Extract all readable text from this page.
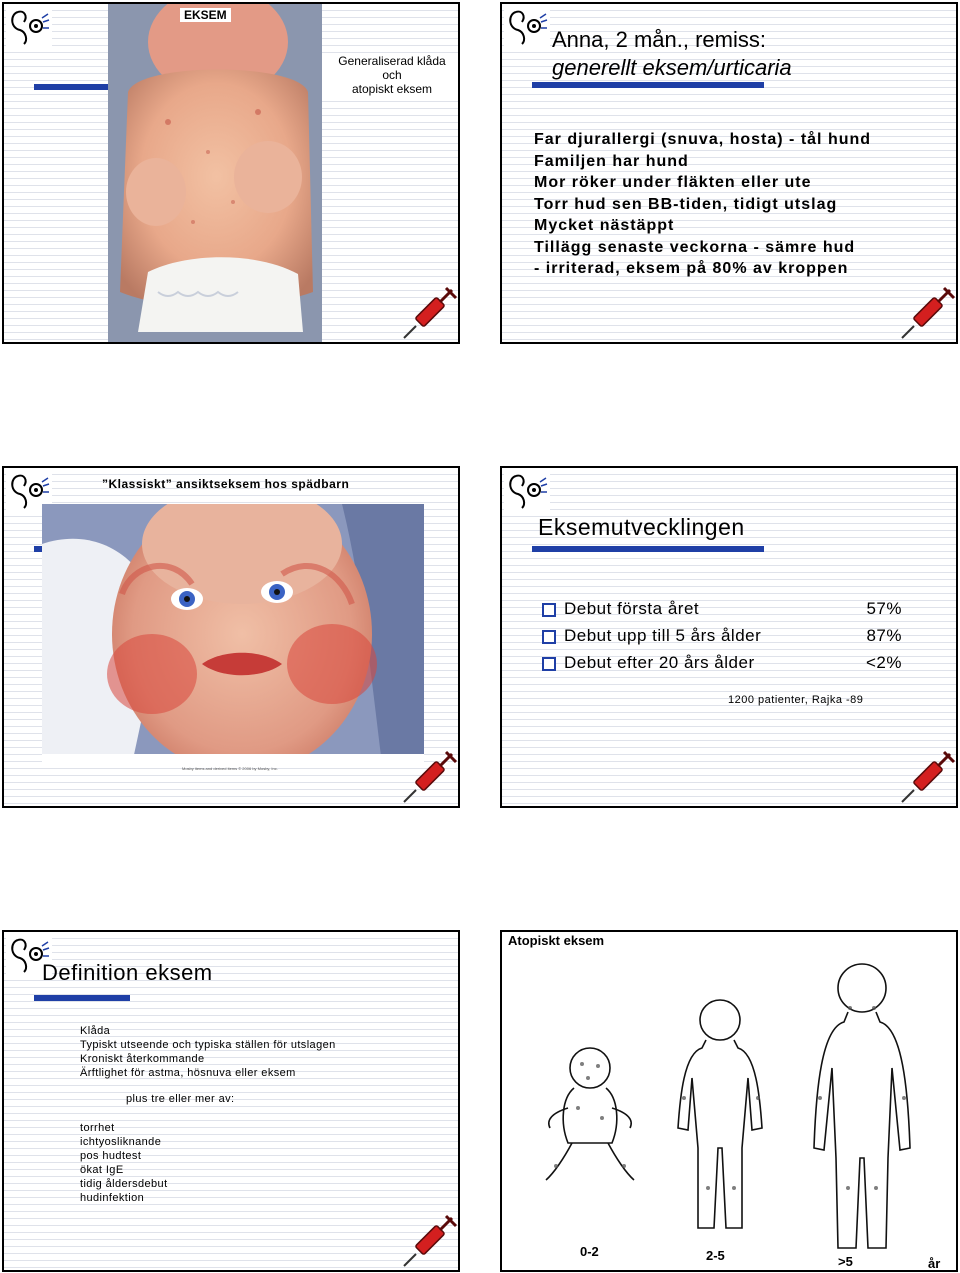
EKSEM
Generaliserad klåda
och
atopiskt eksem
Anna, 2 mån., remiss:
generellt eksem/urticaria
Far djurallergi (snuva, hosta) - tål hund
Familjen har hund
Mor röker under fläkten eller ute
Torr hud sen BB-tiden, tidigt utslag
Mycket nästäppt
Tillägg senaste veckorna - sämre hud
- irriterad, eksem på 80% av kroppen
”Klassiskt” ansiktseksem hos spädbarn
Mosby items and derived items © 2006 by Mosby, Inc.
Eksemutvecklingen
Debut första året	57%
Debut upp till 5 års ålder	87%
Debut efter 20 års ålder	<2%
1200 patienter, Rajka -89
Definition eksem
Klåda
Typiskt utseende och typiska ställen för utslagen
Kroniskt återkommande
Ärftlighet för astma, hösnuva eller eksem
plus tre eller mer av:
torrhet
ichtyosliknande
pos hudtest
ökat IgE
tidig åldersdebut
hudinfektion
Atopiskt eksem
0-2	2-5	>5	år
